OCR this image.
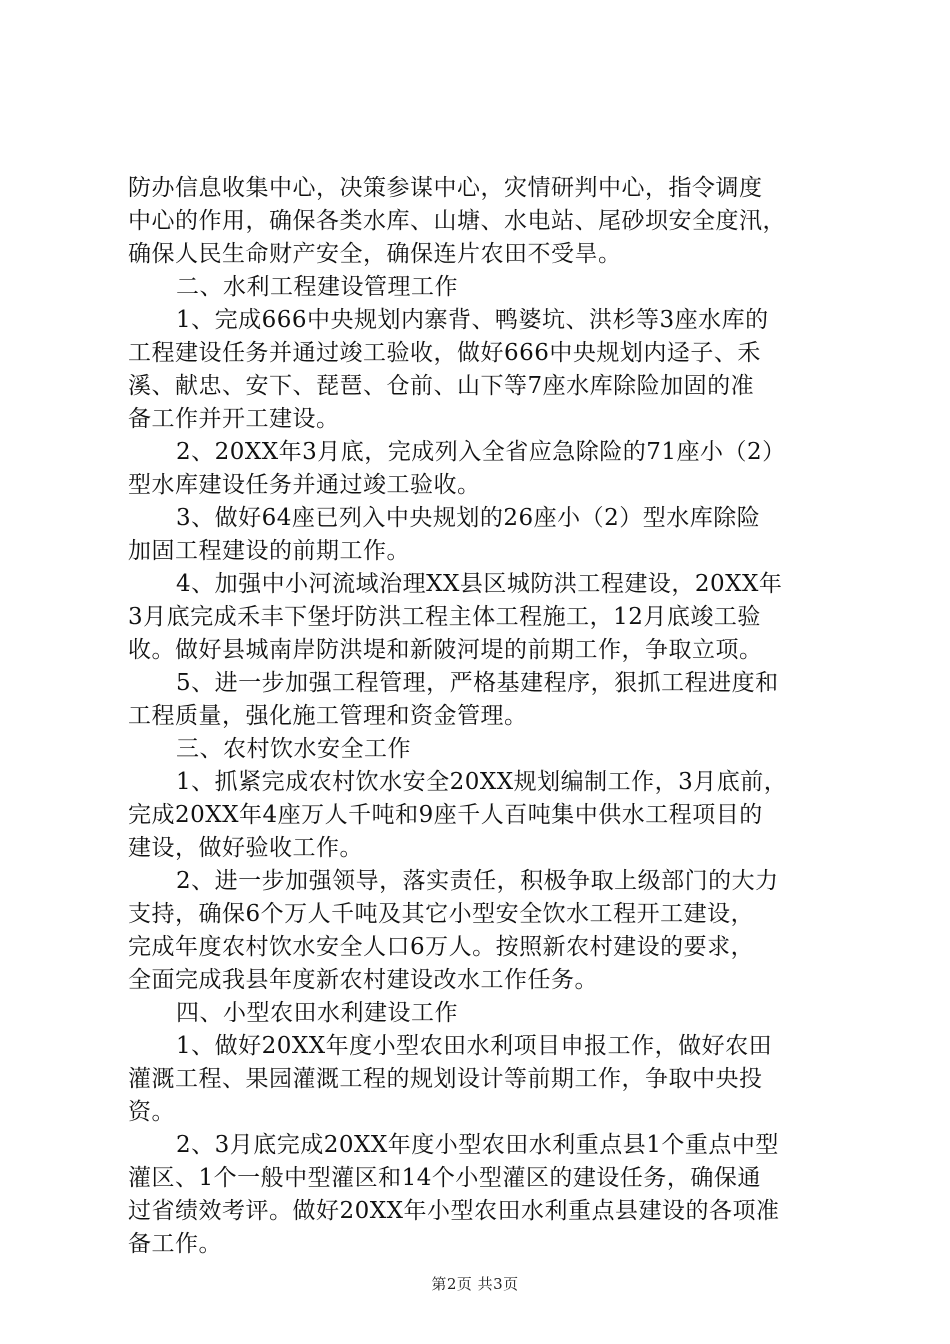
防办信息收集中心，决策参谋中心，灾情研判中心，指令调度
中心的作用，确保各类水库、山塘、水电站、尾砂坝安全度汛，
确保人民生命财产安全，确保连片农田不受旱。
二、水利工程建设管理工作
1、完成666中央规划内寨背、鸭婆坑、洪杉等3座水库的
工程建设任务并通过竣工验收，做好666中央规划内迳子、禾
溪、献忠、安下、琵琶、仓前、山下等7座水库除险加固的准
备工作并开工建设。
2、20XX年3月底，完成列入全省应急除险的71座小（2）
型水库建设任务并通过竣工验收。
3、做好64座已列入中央规划的26座小（2）型水库除险
加固工程建设的前期工作。
4、加强中小河流域治理XX县区城防洪工程建设，20XX年
3月底完成禾丰下堡圩防洪工程主体工程施工，12月底竣工验
收。做好县城南岸防洪堤和新陂河堤的前期工作，争取立项。
5、进一步加强工程管理，严格基建程序，狠抓工程进度和
工程质量，强化施工管理和资金管理。
三、农村饮水安全工作
1、抓紧完成农村饮水安全20XX规划编制工作，3月底前，
完成20XX年4座万人千吨和9座千人百吨集中供水工程项目的
建设，做好验收工作。
2、进一步加强领导，落实责任，积极争取上级部门的大力
支持，确保6个万人千吨及其它小型安全饮水工程开工建设，
完成年度农村饮水安全人口6万人。按照新农村建设的要求，
全面完成我县年度新农村建设改水工作任务。
四、小型农田水利建设工作
1、做好20XX年度小型农田水利项目申报工作，做好农田
灌溉工程、果园灌溉工程的规划设计等前期工作，争取中央投
资。
2、3月底完成20XX年度小型农田水利重点县1个重点中型
灌区、1个一般中型灌区和14个小型灌区的建设任务，确保通
过省绩效考评。做好20XX年小型农田水利重点县建设的各项准
备工作。
第2页 共3页
